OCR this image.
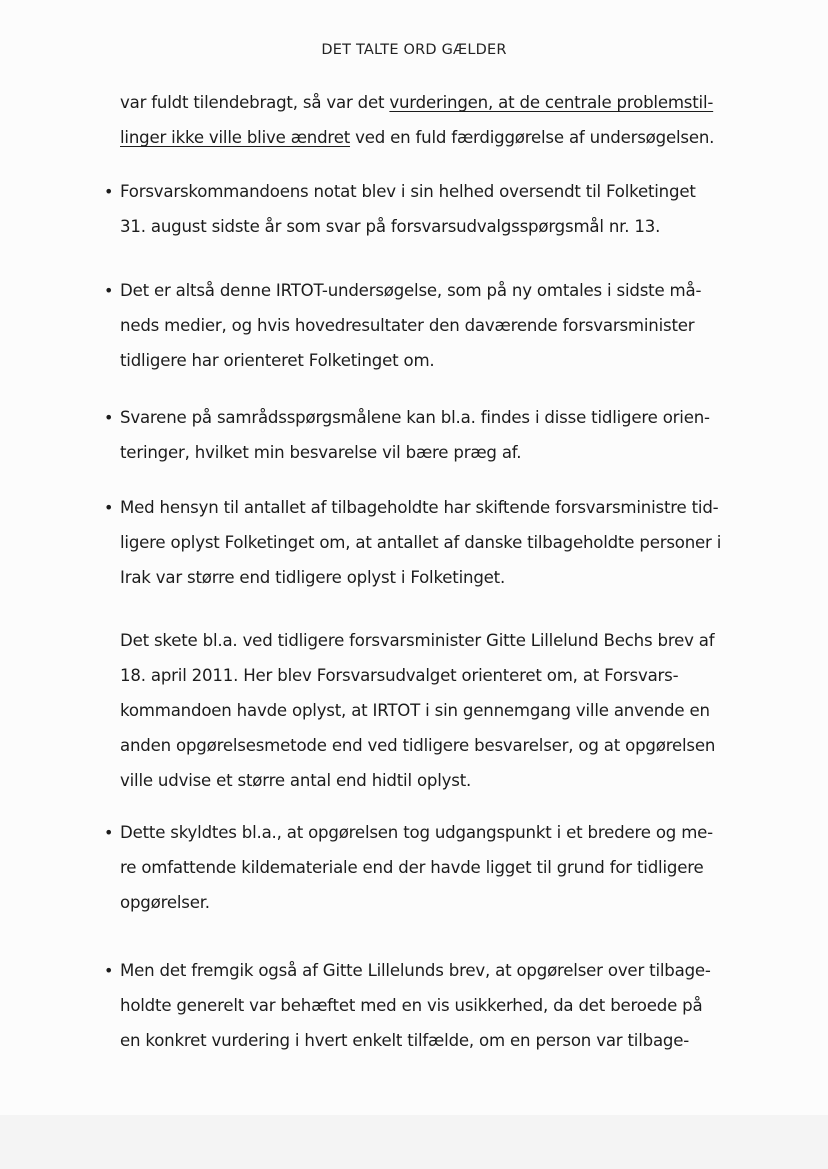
DET TALTE ORD GÆLDER
var fuldt tilendebragt, så var det vurderingen, at de centrale problemstil-
linger ikke ville blive ændret ved en fuld færdiggørelse af undersøgelsen.
• Forsvarskommandoens notat blev i sin helhed oversendt til Folketinget
31. august sidste år som svar på forsvarsudvalgsspørgsmål nr. 13.
• Det er altså denne IRTOT-undersøgelse, som på ny omtales i sidste må-
neds medier, og hvis hovedresultater den daværende forsvarsminister
tidligere har orienteret Folketinget om.
• Svarene på samrådsspørgsmålene kan bl.a. findes i disse tidligere orien-
teringer, hvilket min besvarelse vil bære præg af.
• Med hensyn til antallet af tilbageholdte har skiftende forsvarsministre tid-
ligere oplyst Folketinget om, at antallet af danske tilbageholdte personer i
Irak var større end tidligere oplyst i Folketinget.
Det skete bl.a. ved tidligere forsvarsminister Gitte Lillelund Bechs brev af
18. april 2011. Her blev Forsvarsudvalget orienteret om, at Forsvars-
kommandoen havde oplyst, at IRTOT i sin gennemgang ville anvende en
anden opgørelsesmetode end ved tidligere besvarelser, og at opgørelsen
ville udvise et større antal end hidtil oplyst.
• Dette skyldtes bl.a., at opgørelsen tog udgangspunkt i et bredere og me-
re omfattende kildemateriale end der havde ligget til grund for tidligere
opgørelser.
• Men det fremgik også af Gitte Lillelunds brev, at opgørelser over tilbage-
holdte generelt var behæftet med en vis usikkerhed, da det beroede på
en konkret vurdering i hvert enkelt tilfælde, om en person var tilbage-
